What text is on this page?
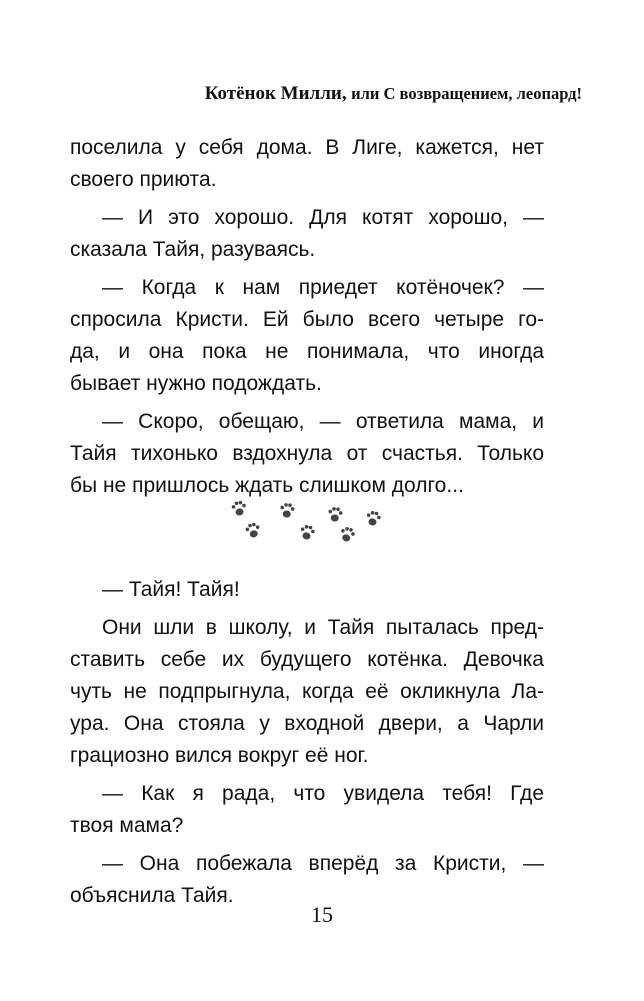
Котёнок Милли, или С возвращением, леопард!
поселила у себя дома. В Лиге, кажется, нет
своего приюта.
— И это хорошо. Для котят хорошо, —
сказала Тайя, разуваясь.
— Когда к нам приедет котёночек? —
спросила Кристи. Ей было всего четыре го-
да, и она пока не понимала, что иногда
бывает нужно подождать.
— Скоро, обещаю, — ответила мама, и
Тайя тихонько вздохнула от счастья. Только
бы не пришлось ждать слишком долго...
— Тайя! Тайя!
Они шли в школу, и Тайя пыталась пред-
ставить себе их будущего котёнка. Девочка
чуть не подпрыгнула, когда её окликнула Ла-
ура. Она стояла у входной двери, а Чарли
грациозно вился вокруг её ног.
— Как я рада, что увидела тебя! Где
твоя мама?
— Она побежала вперёд за Кристи, —
объяснила Тайя.
15
